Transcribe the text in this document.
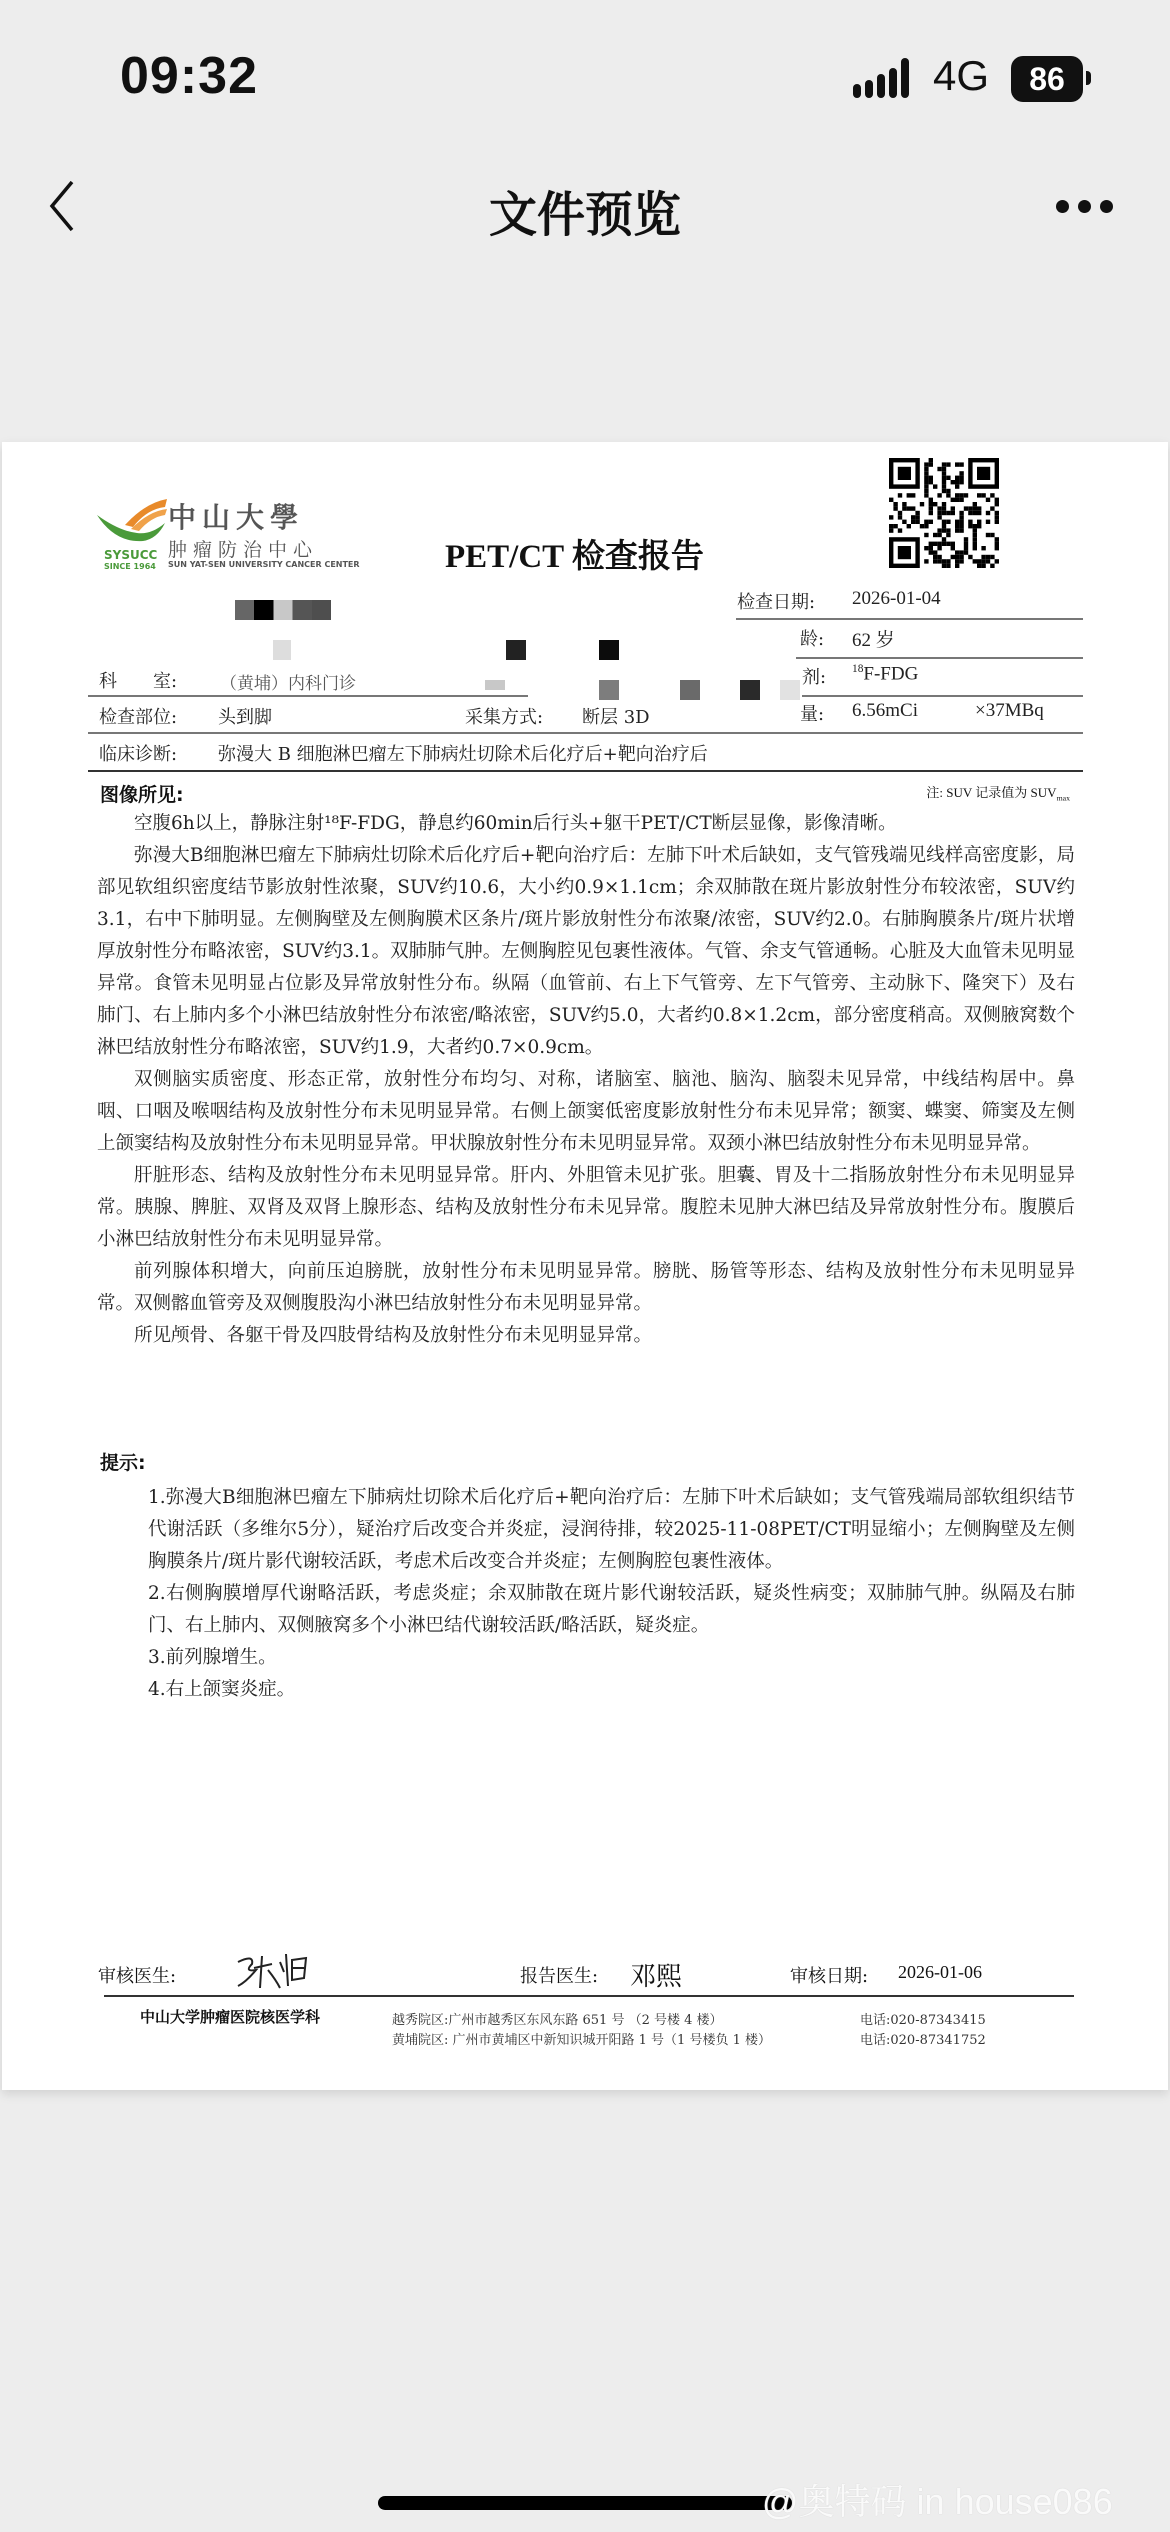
09:32	4G	86
文件预览
中山大學
肿瘤防治中心
SUN YAT-SEN UNIVERSITY CANCER CENTER
SYSUCC
SINCE 1964	PET/CT 检查报告
检查日期: 2026-01-04
龄: 62 岁
剂: $^{18}$F-FDG
量: 6.56mCi	×37MBq
科　　室:	（黄埔）内科门诊
检查部位: 头到脚	采集方式: 断层 3D
临床诊断: 弥漫大 B 细胞淋巴瘤左下肺病灶切除术后化疗后+靶向治疗后
图像所见:	注: SUV 记录值为 $SUV_{max}$

空腹6h以上，静脉注射¹⁸F-FDG，静息约60min后行头+躯干PET/CT断层显像，影像清晰。

弥漫大B细胞淋巴瘤左下肺病灶切除术后化疗后+靶向治疗后：左肺下叶术后缺如，支气管残端见线样高密度影，局部见软组织密度结节影放射性浓聚，SUV约10.6，大小约0.9×1.1cm；余双肺散在斑片影放射性分布较浓密，SUV约3.1，右中下肺明显。左侧胸壁及左侧胸膜术区条片/斑片影放射性分布浓聚/浓密，SUV约2.0。右肺胸膜条片/斑片状增厚放射性分布略浓密，SUV约3.1。双肺肺气肿。左侧胸腔见包裹性液体。气管、余支气管通畅。心脏及大血管未见明显异常。食管未见明显占位影及异常放射性分布。纵隔（血管前、右上下气管旁、左下气管旁、主动脉下、隆突下）及右肺门、右上肺内多个小淋巴结放射性分布浓密/略浓密，SUV约5.0，大者约0.8×1.2cm，部分密度稍高。双侧腋窝数个淋巴结放射性分布略浓密，SUV约1.9，大者约0.7×0.9cm。

双侧脑实质密度、形态正常，放射性分布均匀、对称，诸脑室、脑池、脑沟、脑裂未见异常，中线结构居中。鼻咽、口咽及喉咽结构及放射性分布未见明显异常。右侧上颌窦低密度影放射性分布未见异常；额窦、蝶窦、筛窦及左侧上颌窦结构及放射性分布未见明显异常。甲状腺放射性分布未见明显异常。双颈小淋巴结放射性分布未见明显异常。

肝脏形态、结构及放射性分布未见明显异常。肝内、外胆管未见扩张。胆囊、胃及十二指肠放射性分布未见明显异常。胰腺、脾脏、双肾及双肾上腺形态、结构及放射性分布未见异常。腹腔未见肿大淋巴结及异常放射性分布。腹膜后小淋巴结放射性分布未见明显异常。

前列腺体积增大，向前压迫膀胱，放射性分布未见明显异常。膀胱、肠管等形态、结构及放射性分布未见明显异常。双侧髂血管旁及双侧腹股沟小淋巴结放射性分布未见明显异常。

所见颅骨、各躯干骨及四肢骨结构及放射性分布未见明显异常。

提示:

1.弥漫大B细胞淋巴瘤左下肺病灶切除术后化疗后+靶向治疗后：左肺下叶术后缺如；支气管残端局部软组织结节代谢活跃（多维尔5分），疑治疗后改变合并炎症，浸润待排，较2025-11-08PET/CT明显缩小；左侧胸壁及左侧胸膜条片/斑片影代谢较活跃，考虑术后改变合并炎症；左侧胸腔包裹性液体。

2.右侧胸膜增厚代谢略活跃，考虑炎症；余双肺散在斑片影代谢较活跃，疑炎性病变；双肺肺气肿。纵隔及右肺门、右上肺内、双侧腋窝多个小淋巴结代谢较活跃/略活跃，疑炎症。

3.前列腺增生。

4.右上颌窦炎症。

审核医生:	报告医生: 邓熙	审核日期: 2026-01-06
中山大学肿瘤医院核医学科	越秀院区:广州市越秀区东风东路 651 号 （2 号楼 4 楼）	电话:020-87343415
黄埔院区: 广州市黄埔区中新知识城开阳路 1 号（1 号楼负 1 楼）	电话:020-87341752
@奥特码 in house086
